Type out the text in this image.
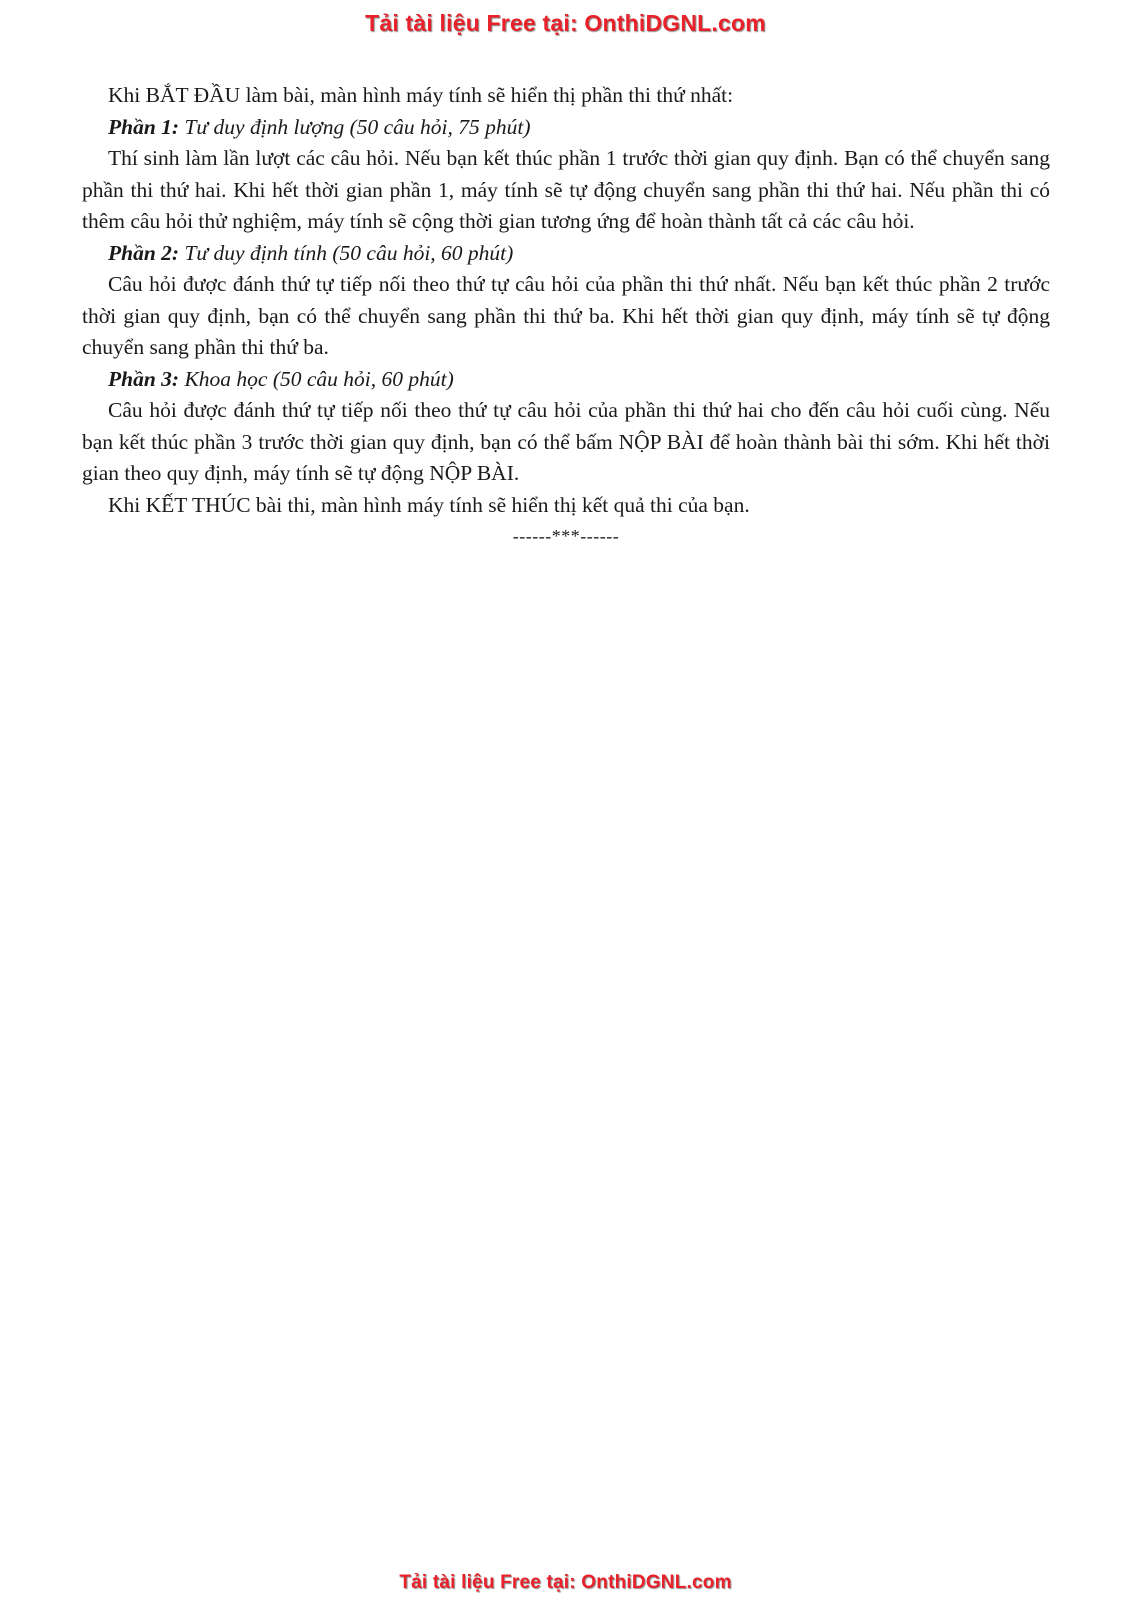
Tải tài liệu Free tại: OnthiDGNL.com

Khi BẮT ĐẦU làm bài, màn hình máy tính sẽ hiển thị phần thi thứ nhất:

Phần 1: Tư duy định lượng (50 câu hỏi, 75 phút)

Thí sinh làm lần lượt các câu hỏi. Nếu bạn kết thúc phần 1 trước thời gian quy định. Bạn có thể chuyển sang phần thi thứ hai. Khi hết thời gian phần 1, máy tính sẽ tự động chuyển sang phần thi thứ hai. Nếu phần thi có thêm câu hỏi thử nghiệm, máy tính sẽ cộng thời gian tương ứng để hoàn thành tất cả các câu hỏi.

Phần 2: Tư duy định tính (50 câu hỏi, 60 phút)

Câu hỏi được đánh thứ tự tiếp nối theo thứ tự câu hỏi của phần thi thứ nhất. Nếu bạn kết thúc phần 2 trước thời gian quy định, bạn có thể chuyển sang phần thi thứ ba. Khi hết thời gian quy định, máy tính sẽ tự động chuyển sang phần thi thứ ba.

Phần 3: Khoa học (50 câu hỏi, 60 phút)

Câu hỏi được đánh thứ tự tiếp nối theo thứ tự câu hỏi của phần thi thứ hai cho đến câu hỏi cuối cùng. Nếu bạn kết thúc phần 3 trước thời gian quy định, bạn có thể bấm NỘP BÀI để hoàn thành bài thi sớm. Khi hết thời gian theo quy định, máy tính sẽ tự động NỘP BÀI.

Khi KẾT THÚC bài thi, màn hình máy tính sẽ hiển thị kết quả thi của bạn.

------***------

Tải tài liệu Free tại: OnthiDGNL.com
